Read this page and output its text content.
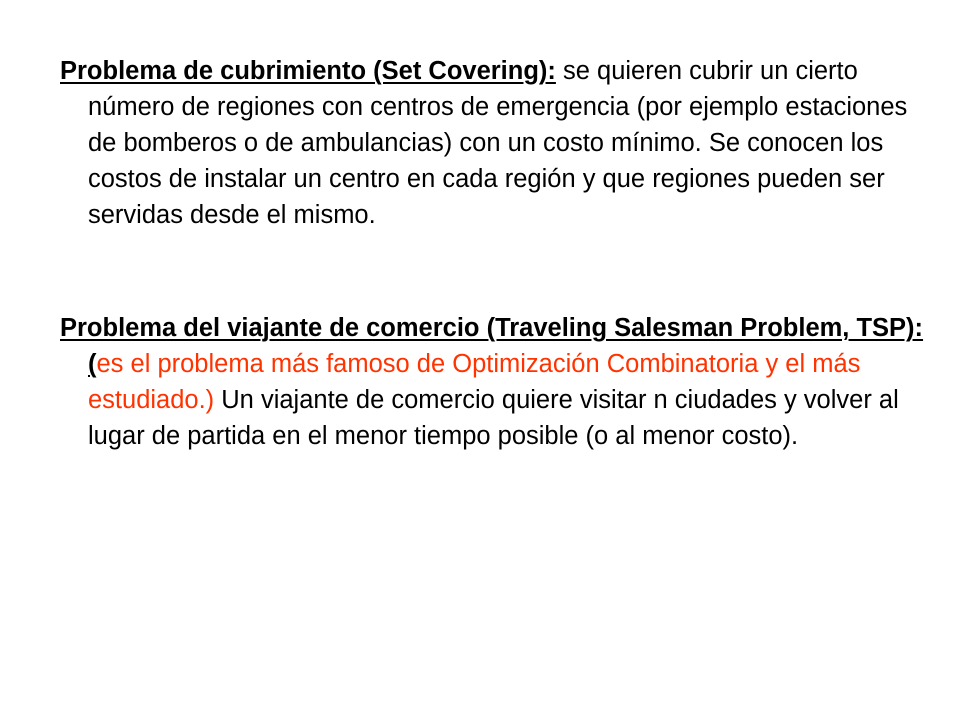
Problema de cubrimiento (Set Covering): se quieren cubrir un cierto número de regiones con centros de emergencia (por ejemplo estaciones de bomberos o de ambulancias) con un costo mínimo. Se conocen los costos de instalar un centro en cada región y que regiones pueden ser servidas desde el mismo.

Problema del viajante de comercio (Traveling Salesman Problem, TSP): (es el problema más famoso de Optimización Combinatoria y el más estudiado.) Un viajante de comercio quiere visitar n ciudades y volver al lugar de partida en el menor tiempo posible (o al menor costo).
